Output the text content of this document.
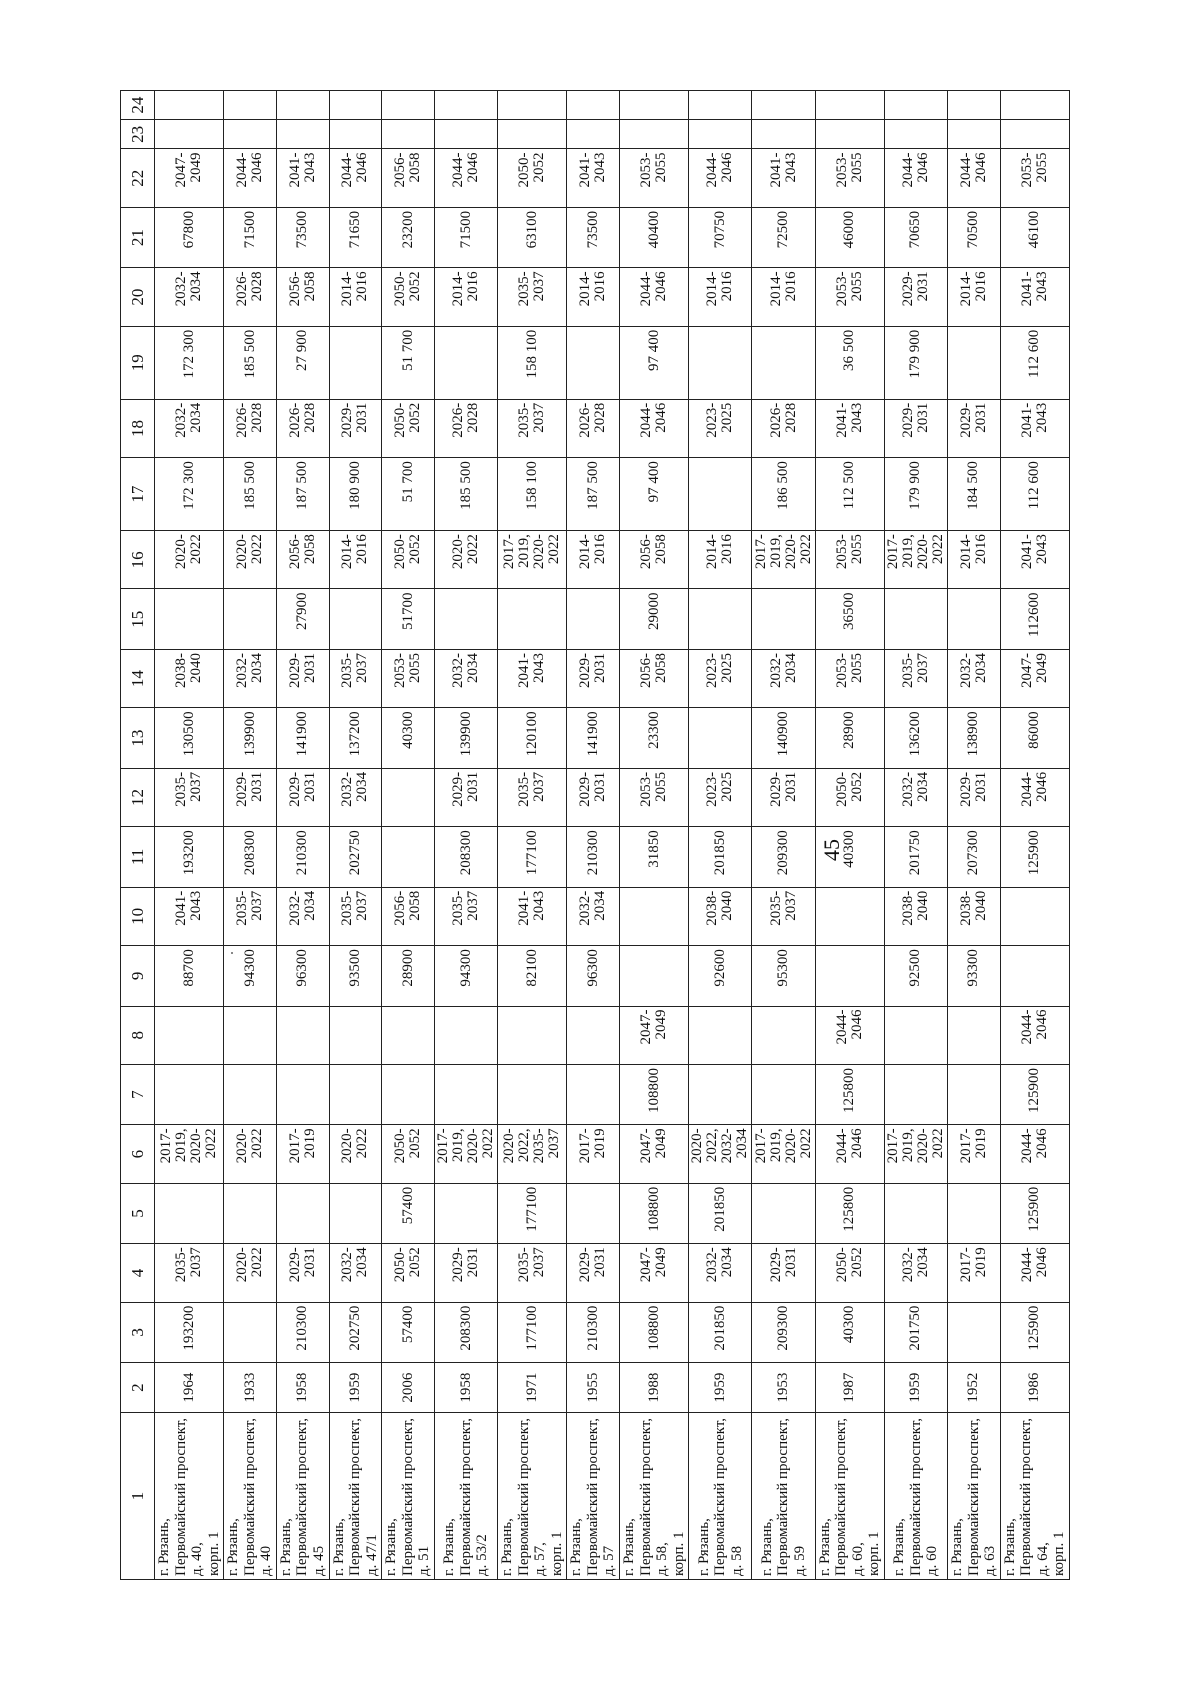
45
1	2	3	4	5	6	7	8	9	10	11	12	13	14	15	16	17	18	19	20	21	22	23	24
г. Рязань,
Первомайский проспект, д. 40,
корп. 1	1964	193200	2035-
2037		2017-
2019,
2020-
2022			88700	2041-
2043	193200	2035-
2037	130500	2038-
2040		2020-
2022	172 300	2032-
2034	172 300	2032-
2034	67800	2047-
2049		
г. Рязань,
Первомайский проспект, д. 40	1933		2020-
2022		2020-
2022			94300	2035-
2037	208300	2029-
2031	139900	2032-
2034		2020-
2022	185 500	2026-
2028	185 500	2026-
2028	71500	2044-
2046		
г. Рязань,
Первомайский проспект, д. 45	1958	210300	2029-
2031		2017-
2019			96300	2032-
2034	210300	2029-
2031	141900	2029-
2031	27900	2056-
2058	187 500	2026-
2028	27 900	2056-
2058	73500	2041-
2043		
г. Рязань,
Первомайский проспект,
д. 47/1	1959	202750	2032-
2034		2020-
2022			93500	2035-
2037	202750	2032-
2034	137200	2035-
2037		2014-
2016	180 900	2029-
2031		2014-
2016	71650	2044-
2046		
г. Рязань,
Первомайский проспект, д. 51	2006	57400	2050-
2052	57400	2050-
2052			28900	2056-
2058			40300	2053-
2055	51700	2050-
2052	51 700	2050-
2052	51 700	2050-
2052	23200	2056-
2058		
г. Рязань,
Первомайский проспект, д. 53/2	1958	208300	2029-
2031		2017-
2019,
2020-
2022			94300	2035-
2037	208300	2029-
2031	139900	2032-
2034		2020-
2022	185 500	2026-
2028		2014-
2016	71500	2044-
2046		
г. Рязань,
Первомайский проспект, д. 57,
корп. 1	1971	177100	2035-
2037	177100	2020-
2022,
2035-
2037			82100	2041-
2043	177100	2035-
2037	120100	2041-
2043		2017-
2019,
2020-
2022	158 100	2035-
2037	158 100	2035-
2037	63100	2050-
2052		
г. Рязань,
Первомайский проспект, д. 57	1955	210300	2029-
2031		2017-
2019			96300	2032-
2034	210300	2029-
2031	141900	2029-
2031		2014-
2016	187 500	2026-
2028		2014-
2016	73500	2041-
2043		
г. Рязань,
Первомайский проспект, д. 58,
корп. 1	1988	108800	2047-
2049	108800	2047-
2049	108800	2047-
2049			31850	2053-
2055	23300	2056-
2058	29000	2056-
2058	97 400	2044-
2046	97 400	2044-
2046	40400	2053-
2055		
г. Рязань,
Первомайский проспект, д. 58	1959	201850	2032-
2034	201850	2020-
2022,
2032-
2034			92600	2038-
2040	201850	2023-
2025		2023-
2025		2014-
2016		2023-
2025		2014-
2016	70750	2044-
2046		
г. Рязань,
Первомайский проспект, д. 59	1953	209300	2029-
2031		2017-
2019,
2020-
2022			95300	2035-
2037	209300	2029-
2031	140900	2032-
2034		2017-
2019,
2020-
2022	186 500	2026-
2028		2014-
2016	72500	2041-
2043		
г. Рязань,
Первомайский проспект, д. 60,
корп. 1	1987	40300	2050-
2052	125800	2044-
2046	125800	2044-
2046			40300	2050-
2052	28900	2053-
2055	36500	2053-
2055	112 500	2041-
2043	36 500	2053-
2055	46000	2053-
2055		
г. Рязань,
Первомайский проспект, д. 60	1959	201750	2032-
2034		2017-
2019,
2020-
2022			92500	2038-
2040	201750	2032-
2034	136200	2035-
2037		2017-
2019,
2020-
2022	179 900	2029-
2031	179 900	2029-
2031	70650	2044-
2046		
г. Рязань,
Первомайский проспект, д. 63	1952		2017-
2019		2017-
2019			93300	2038-
2040	207300	2029-
2031	138900	2032-
2034		2014-
2016	184 500	2029-
2031		2014-
2016	70500	2044-
2046		
г. Рязань,
Первомайский проспект, д. 64,
корп. 1	1986	125900	2044-
2046	125900	2044-
2046	125900	2044-
2046			125900	2044-
2046	86000	2047-
2049	112600	2041-
2043	112 600	2041-
2043	112 600	2041-
2043	46100	2053-
2055		
